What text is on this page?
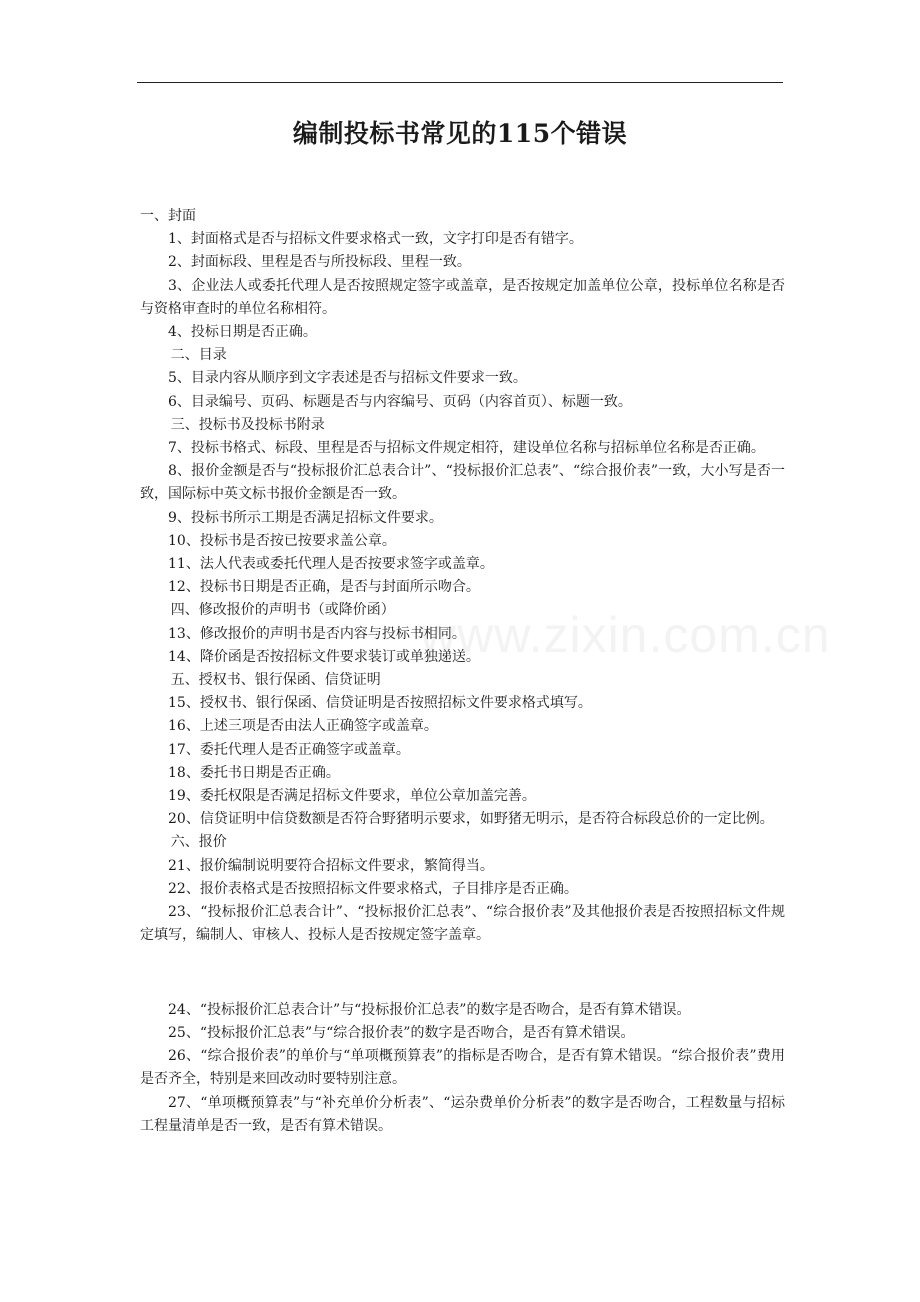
编制投标书常见的115个错误

一、封面

1、封面格式是否与招标文件要求格式一致，文字打印是否有错字。

2、封面标段、里程是否与所投标段、里程一致。

3、企业法人或委托代理人是否按照规定签字或盖章，是否按规定加盖单位公章，投标单位名称是否与资格审查时的单位名称相符。

4、投标日期是否正确。

二、目录

5、目录内容从顺序到文字表述是否与招标文件要求一致。

6、目录编号、页码、标题是否与内容编号、页码（内容首页）、标题一致。

三、投标书及投标书附录

7、投标书格式、标段、里程是否与招标文件规定相符，建设单位名称与招标单位名称是否正确。

8、报价金额是否与“投标报价汇总表合计”、“投标报价汇总表”、“综合报价表”一致，大小写是否一致，国际标中英文标书报价金额是否一致。

9、投标书所示工期是否满足招标文件要求。

10、投标书是否按已按要求盖公章。

11、法人代表或委托代理人是否按要求签字或盖章。

12、投标书日期是否正确，是否与封面所示吻合。

四、修改报价的声明书（或降价函）

13、修改报价的声明书是否内容与投标书相同。

14、降价函是否按招标文件要求装订或单独递送。

五、授权书、银行保函、信贷证明

15、授权书、银行保函、信贷证明是否按照招标文件要求格式填写。

16、上述三项是否由法人正确签字或盖章。

17、委托代理人是否正确签字或盖章。

18、委托书日期是否正确。

19、委托权限是否满足招标文件要求，单位公章加盖完善。

20、信贷证明中信贷数额是否符合野猪明示要求，如野猪无明示，是否符合标段总价的一定比例。

六、报价

21、报价编制说明要符合招标文件要求，繁简得当。

22、报价表格式是否按照招标文件要求格式，子目排序是否正确。

23、“投标报价汇总表合计”、“投标报价汇总表”、“综合报价表”及其他报价表是否按照招标文件规定填写，编制人、审核人、投标人是否按规定签字盖章。

24、“投标报价汇总表合计”与“投标报价汇总表”的数字是否吻合，是否有算术错误。

25、“投标报价汇总表”与“综合报价表”的数字是否吻合，是否有算术错误。

26、“综合报价表”的单价与“单项概预算表”的指标是否吻合，是否有算术错误。“综合报价表”费用是否齐全，特别是来回改动时要特别注意。

27、“单项概预算表”与“补充单价分析表”、“运杂费单价分析表”的数字是否吻合，工程数量与招标工程量清单是否一致，是否有算术错误。

www.zixin.com.cn
